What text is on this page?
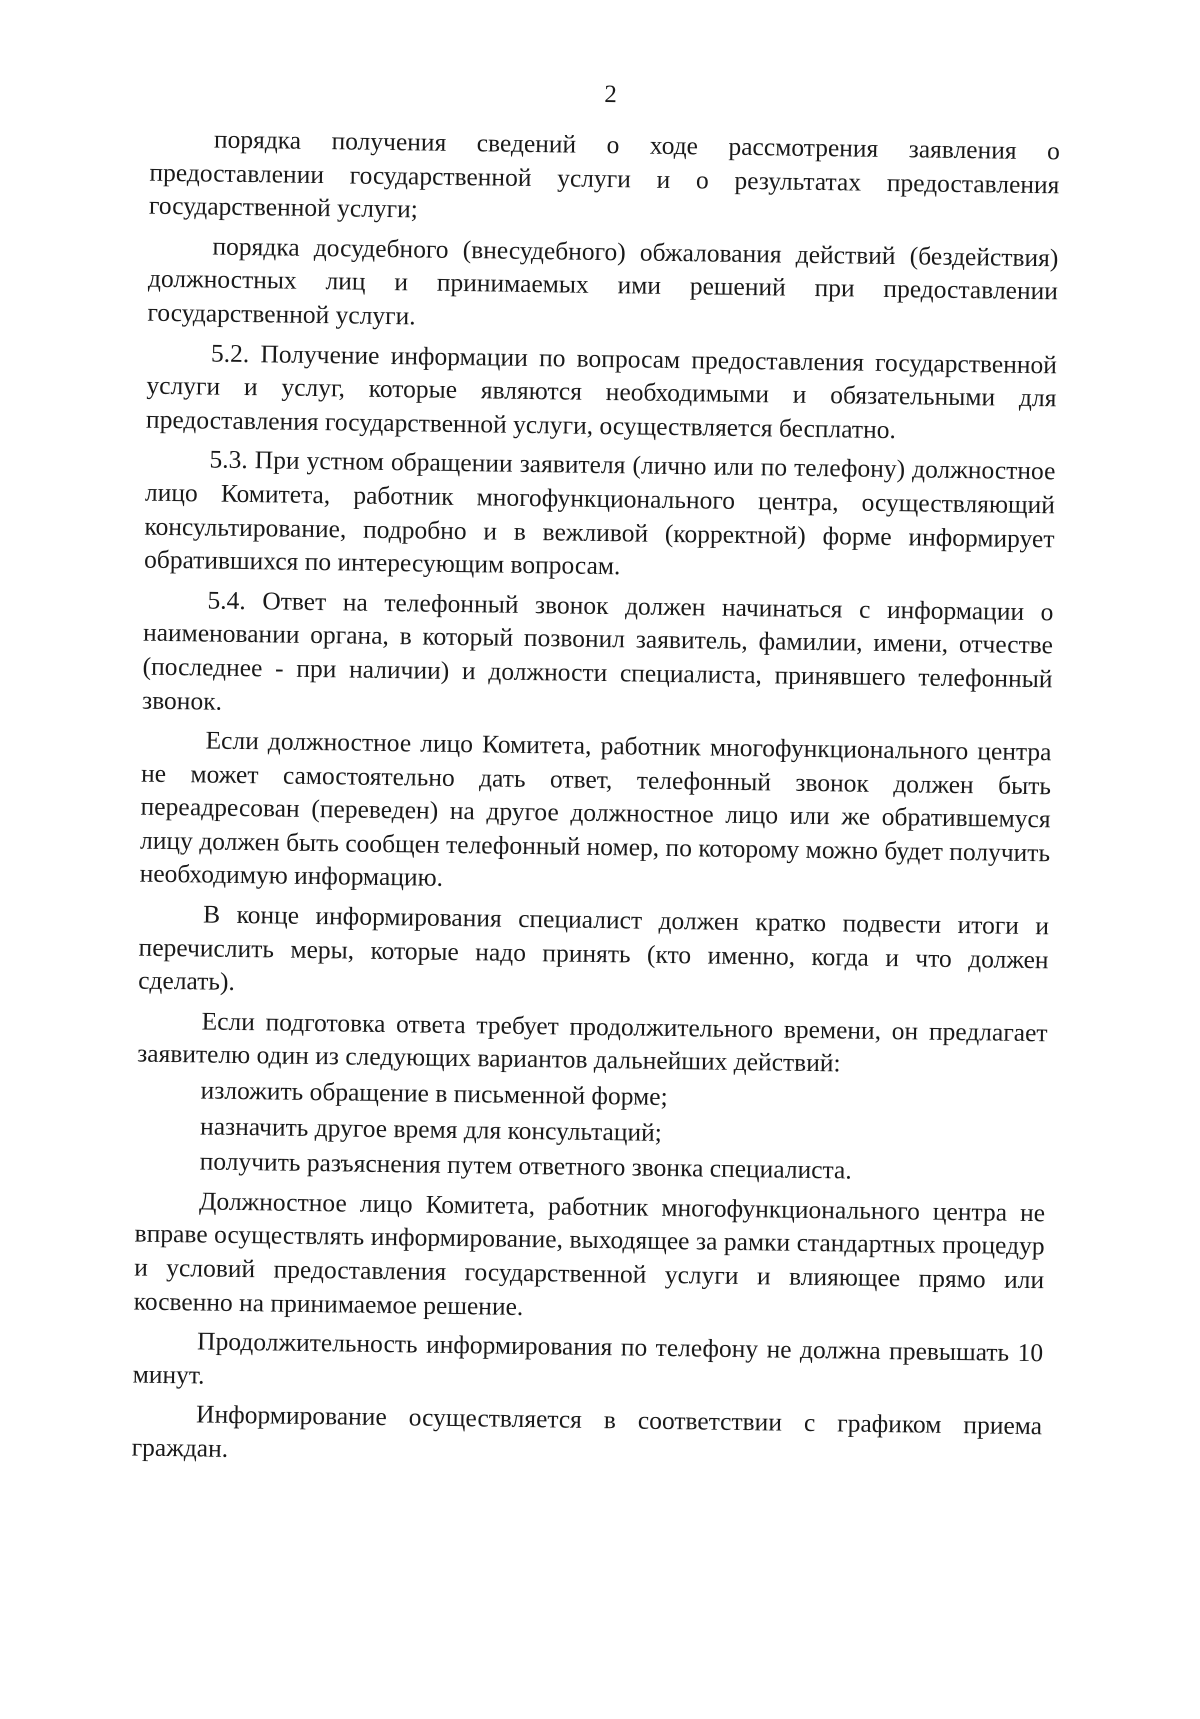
2

порядка получения сведений о ходе рассмотрения заявления о предоставлении государственной услуги и о результатах предоставления государственной услуги;

порядка досудебного (внесудебного) обжалования действий (бездействия) должностных лиц и принимаемых ими решений при предоставлении государственной услуги.

5.2. Получение информации по вопросам предоставления государственной услуги и услуг, которые являются необходимыми и обязательными для предоставления государственной услуги, осуществляется бесплатно.

5.3. При устном обращении заявителя (лично или по телефону) должностное лицо Комитета, работник многофункционального центра, осуществляющий консультирование, подробно и в вежливой (корректной) форме информирует обратившихся по интересующим вопросам.

5.4. Ответ на телефонный звонок должен начинаться с информации о наименовании органа, в который позвонил заявитель, фамилии, имени, отчестве (последнее - при наличии) и должности специалиста, принявшего телефонный звонок.

Если должностное лицо Комитета, работник многофункционального центра не может самостоятельно дать ответ, телефонный звонок должен быть переадресован (переведен) на другое должностное лицо или же обратившемуся лицу должен быть сообщен телефонный номер, по которому можно будет получить необходимую информацию.

В конце информирования специалист должен кратко подвести итоги и перечислить меры, которые надо принять (кто именно, когда и что должен сделать).

Если подготовка ответа требует продолжительного времени, он предлагает заявителю один из следующих вариантов дальнейших действий:

изложить обращение в письменной форме;

назначить другое время для консультаций;

получить разъяснения путем ответного звонка специалиста.

Должностное лицо Комитета, работник многофункционального центра не вправе осуществлять информирование, выходящее за рамки стандартных процедур и условий предоставления государственной услуги и влияющее прямо или косвенно на принимаемое решение.

Продолжительность информирования по телефону не должна превышать 10 минут.

Информирование осуществляется в соответствии с графиком приема граждан.
